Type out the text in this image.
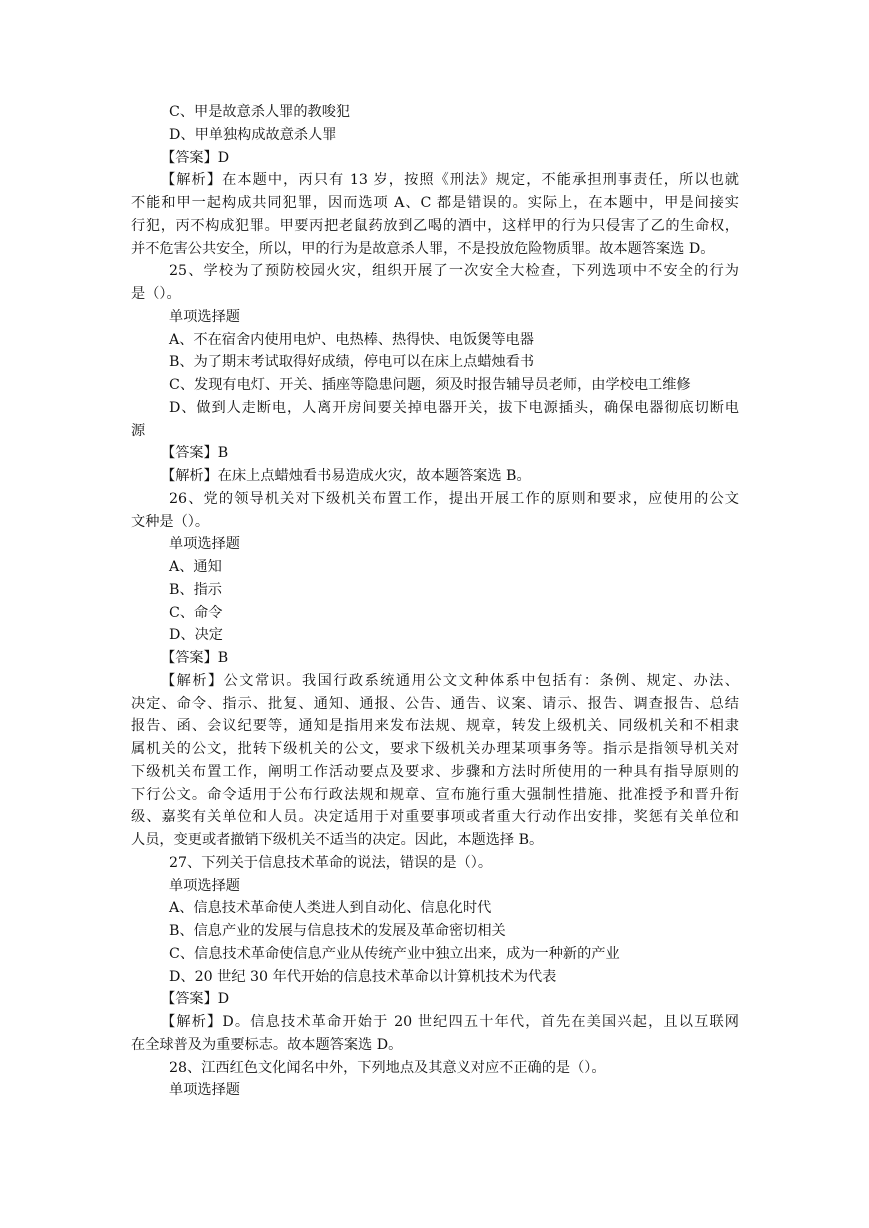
C、甲是故意杀人罪的教唆犯
D、甲单独构成故意杀人罪
【答案】D
【解析】在本题中，丙只有 13 岁，按照《刑法》规定，不能承担刑事责任，所以也就
不能和甲一起构成共同犯罪，因而选项 A、C 都是错误的。实际上，在本题中，甲是间接实
行犯，丙不构成犯罪。甲要丙把老鼠药放到乙喝的酒中，这样甲的行为只侵害了乙的生命权，
并不危害公共安全，所以，甲的行为是故意杀人罪，不是投放危险物质罪。故本题答案选 D。
25、学校为了预防校园火灾，组织开展了一次安全大检查，下列选项中不安全的行为
是（）。
单项选择题
A、不在宿舍内使用电炉、电热棒、热得快、电饭煲等电器
B、为了期末考试取得好成绩，停电可以在床上点蜡烛看书
C、发现有电灯、开关、插座等隐患问题，须及时报告辅导员老师，由学校电工维修
D、做到人走断电，人离开房间要关掉电器开关，拔下电源插头，确保电器彻底切断电
源
【答案】B
【解析】在床上点蜡烛看书易造成火灾，故本题答案选 B。
26、党的领导机关对下级机关布置工作，提出开展工作的原则和要求，应使用的公文
文种是（）。
单项选择题
A、通知
B、指示
C、命令
D、决定
【答案】B
【解析】公文常识。我国行政系统通用公文文种体系中包括有：条例、规定、办法、
决定、命令、指示、批复、通知、通报、公告、通告、议案、请示、报告、调查报告、总结
报告、函、会议纪要等，通知是指用来发布法规、规章，转发上级机关、同级机关和不相隶
属机关的公文，批转下级机关的公文，要求下级机关办理某项事务等。指示是指领导机关对
下级机关布置工作，阐明工作活动要点及要求、步骤和方法时所使用的一种具有指导原则的
下行公文。命令适用于公布行政法规和规章、宣布施行重大强制性措施、批准授予和晋升衔
级、嘉奖有关单位和人员。决定适用于对重要事项或者重大行动作出安排，奖惩有关单位和
人员，变更或者撤销下级机关不适当的决定。因此，本题选择 B。
27、下列关于信息技术革命的说法，错误的是（）。
单项选择题
A、信息技术革命使人类进人到自动化、信息化时代
B、信息产业的发展与信息技术的发展及革命密切相关
C、信息技术革命使信息产业从传统产业中独立出来，成为一种新的产业
D、20 世纪 30 年代开始的信息技术革命以计算机技术为代表
【答案】D
【解析】D。信息技术革命开始于 20 世纪四五十年代，首先在美国兴起，且以互联网
在全球普及为重要标志。故本题答案选 D。
28、江西红色文化闻名中外，下列地点及其意义对应不正确的是（）。
单项选择题
